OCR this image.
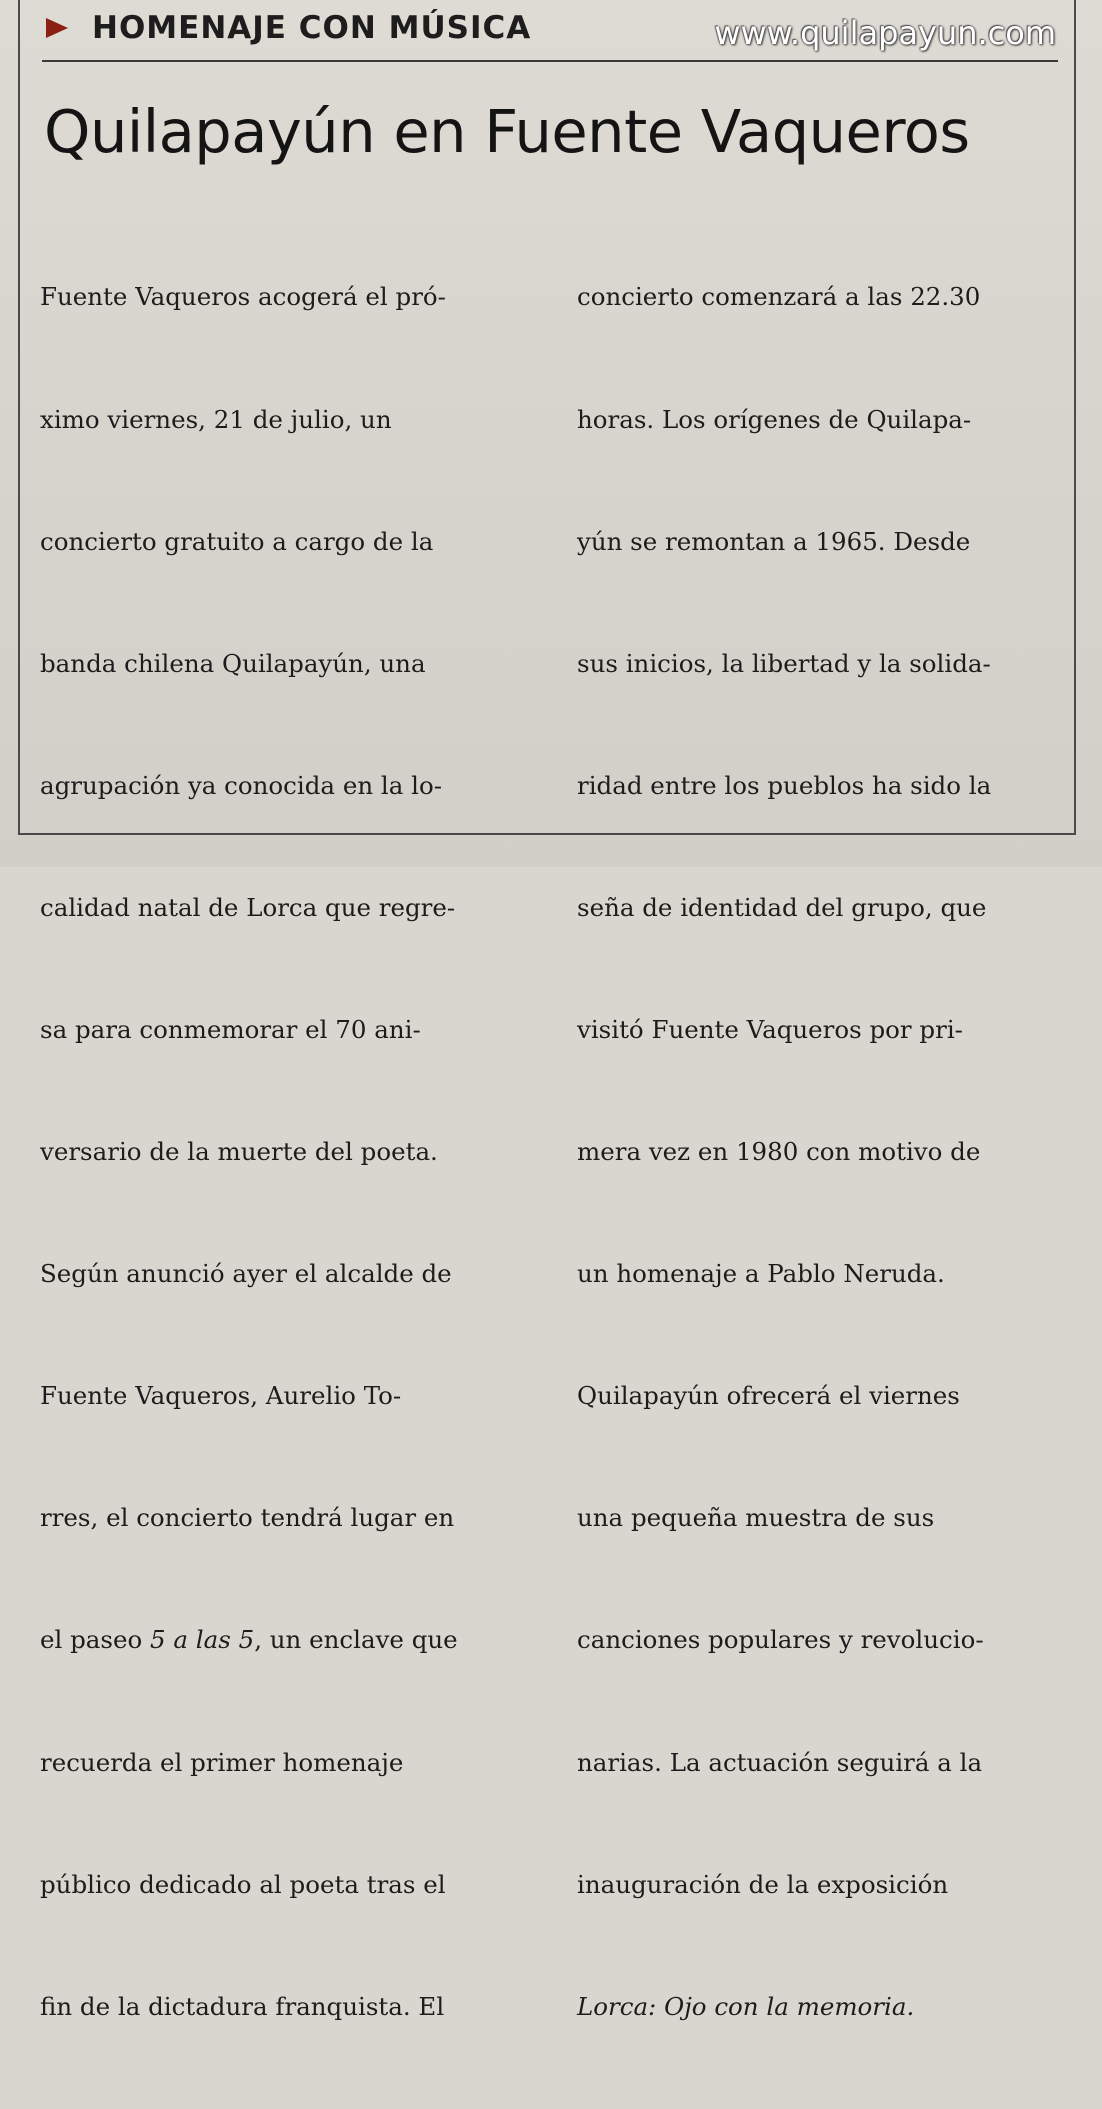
HOMENAJE CON MÚSICA	www.quilapayun.com
Quilapayún en Fuente Vaqueros

Fuente Vaqueros acogerá el pró-

ximo viernes, 21 de julio, un

concierto gratuito a cargo de la

banda chilena Quilapayún, una

agrupación ya conocida en la lo-

calidad natal de Lorca que regre-

sa para conmemorar el 70 ani-

versario de la muerte del poeta.

Según anunció ayer el alcalde de

Fuente Vaqueros, Aurelio To-

rres, el concierto tendrá lugar en

el paseo 5 a las 5, un enclave que

recuerda el primer homenaje

público dedicado al poeta tras el

fin de la dictadura franquista. El

concierto comenzará a las 22.30

horas. Los orígenes de Quilapa-

yún se remontan a 1965. Desde

sus inicios, la libertad y la solida-

ridad entre los pueblos ha sido la

seña de identidad del grupo, que

visitó Fuente Vaqueros por pri-

mera vez en 1980 con motivo de

un homenaje a Pablo Neruda.

Quilapayún ofrecerá el viernes

una pequeña muestra de sus

canciones populares y revolucio-

narias. La actuación seguirá a la

inauguración de la exposición

Lorca: Ojo con la memoria.
